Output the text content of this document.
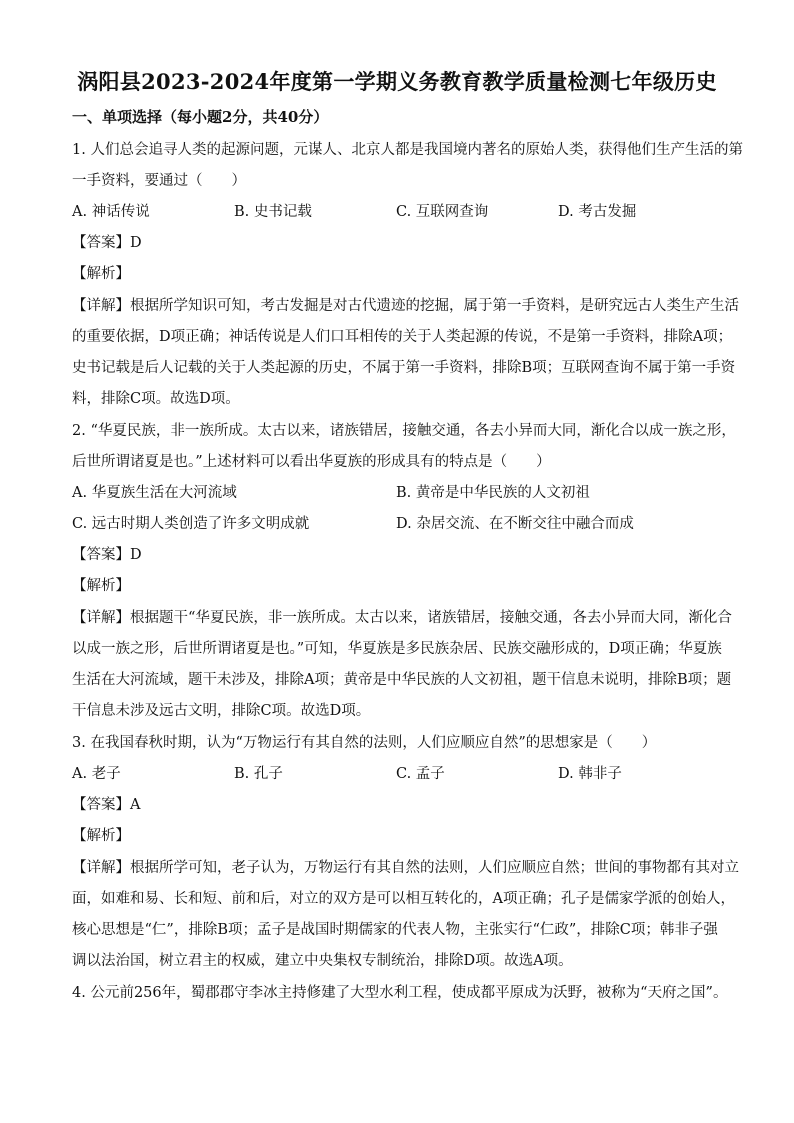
涡阳县2023-2024年度第一学期义务教育教学质量检测七年级历史
一、单项选择（每小题2分，共40分）
1. 人们总会追寻人类的起源问题，元谋人、北京人都是我国境内著名的原始人类，获得他们生产生活的第
一手资料，要通过（　　）
A. 神话传说	B. 史书记载	C. 互联网查询	D. 考古发掘
【答案】D
【解析】
【详解】根据所学知识可知，考古发掘是对古代遗迹的挖掘，属于第一手资料，是研究远古人类生产生活
的重要依据，D项正确；神话传说是人们口耳相传的关于人类起源的传说，不是第一手资料，排除A项；
史书记载是后人记载的关于人类起源的历史，不属于第一手资料，排除B项；互联网查询不属于第一手资
料，排除C项。故选D项。
2. “华夏民族，非一族所成。太古以来，诸族错居，接触交通，各去小异而大同，渐化合以成一族之形，
后世所谓诸夏是也。”上述材料可以看出华夏族的形成具有的特点是（　　）
A. 华夏族生活在大河流域	B. 黄帝是中华民族的人文初祖
C. 远古时期人类创造了许多文明成就	D. 杂居交流、在不断交往中融合而成
【答案】D
【解析】
【详解】根据题干“华夏民族，非一族所成。太古以来，诸族错居，接触交通，各去小异而大同，渐化合
以成一族之形，后世所谓诸夏是也。”可知，华夏族是多民族杂居、民族交融形成的，D项正确；华夏族
生活在大河流域，题干未涉及，排除A项；黄帝是中华民族的人文初祖，题干信息未说明，排除B项；题
干信息未涉及远古文明，排除C项。故选D项。
3. 在我国春秋时期，认为“万物运行有其自然的法则，人们应顺应自然”的思想家是（　　）
A. 老子	B. 孔子	C. 孟子	D. 韩非子
【答案】A
【解析】
【详解】根据所学可知，老子认为，万物运行有其自然的法则，人们应顺应自然；世间的事物都有其对立
面，如难和易、长和短、前和后，对立的双方是可以相互转化的，A项正确；孔子是儒家学派的创始人，
核心思想是“仁”，排除B项；孟子是战国时期儒家的代表人物，主张实行“仁政”，排除C项；韩非子强
调以法治国，树立君主的权威，建立中央集权专制统治，排除D项。故选A项。
4. 公元前256年，蜀郡郡守李冰主持修建了大型水利工程，使成都平原成为沃野，被称为“天府之国”。
